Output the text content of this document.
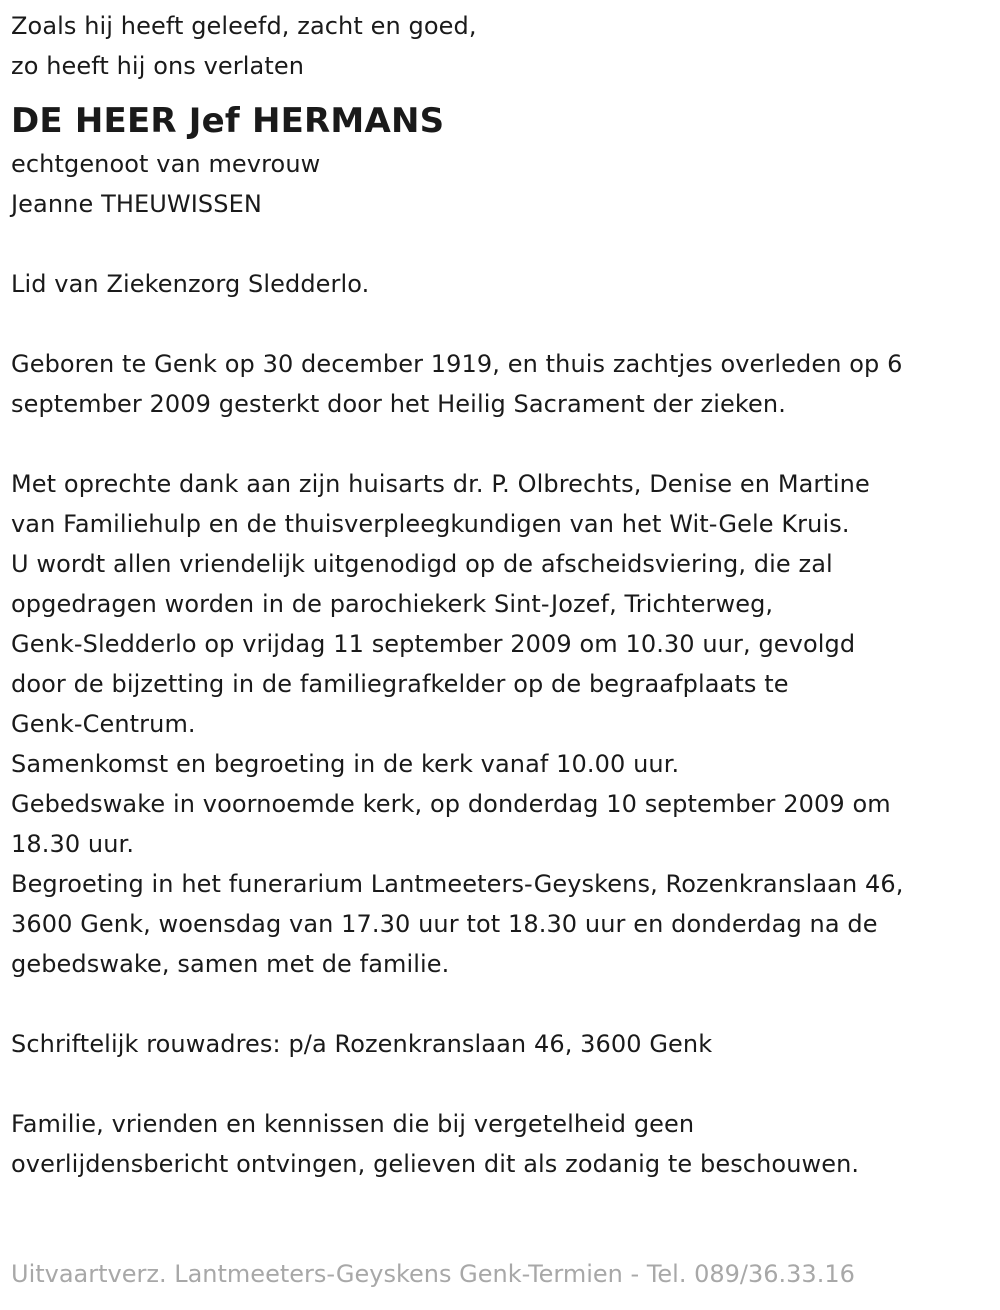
Zoals hij heeft geleefd, zacht en goed,
zo heeft hij ons verlaten
DE HEER Jef HERMANS
echtgenoot van mevrouw
Jeanne THEUWISSEN
Lid van Ziekenzorg Sledderlo.
Geboren te Genk op 30 december 1919, en thuis zachtjes overleden op 6
september 2009 gesterkt door het Heilig Sacrament der zieken.
Met oprechte dank aan zijn huisarts dr. P. Olbrechts, Denise en Martine
van Familiehulp en de thuisverpleegkundigen van het Wit-Gele Kruis.
U wordt allen vriendelijk uitgenodigd op de afscheidsviering, die zal
opgedragen worden in de parochiekerk Sint-Jozef, Trichterweg,
Genk-Sledderlo op vrijdag 11 september 2009 om 10.30 uur, gevolgd
door de bijzetting in de familiegrafkelder op de begraafplaats te
Genk-Centrum.
Samenkomst en begroeting in de kerk vanaf 10.00 uur.
Gebedswake in voornoemde kerk, op donderdag 10 september 2009 om
18.30 uur.
Begroeting in het funerarium Lantmeeters-Geyskens, Rozenkranslaan 46,
3600 Genk, woensdag van 17.30 uur tot 18.30 uur en donderdag na de
gebedswake, samen met de familie.
Schriftelijk rouwadres: p/a Rozenkranslaan 46, 3600 Genk
Familie, vrienden en kennissen die bij vergetelheid geen
overlijdensbericht ontvingen, gelieven dit als zodanig te beschouwen.
Uitvaartverz. Lantmeeters-Geyskens Genk-Termien - Tel. 089/36.33.16
